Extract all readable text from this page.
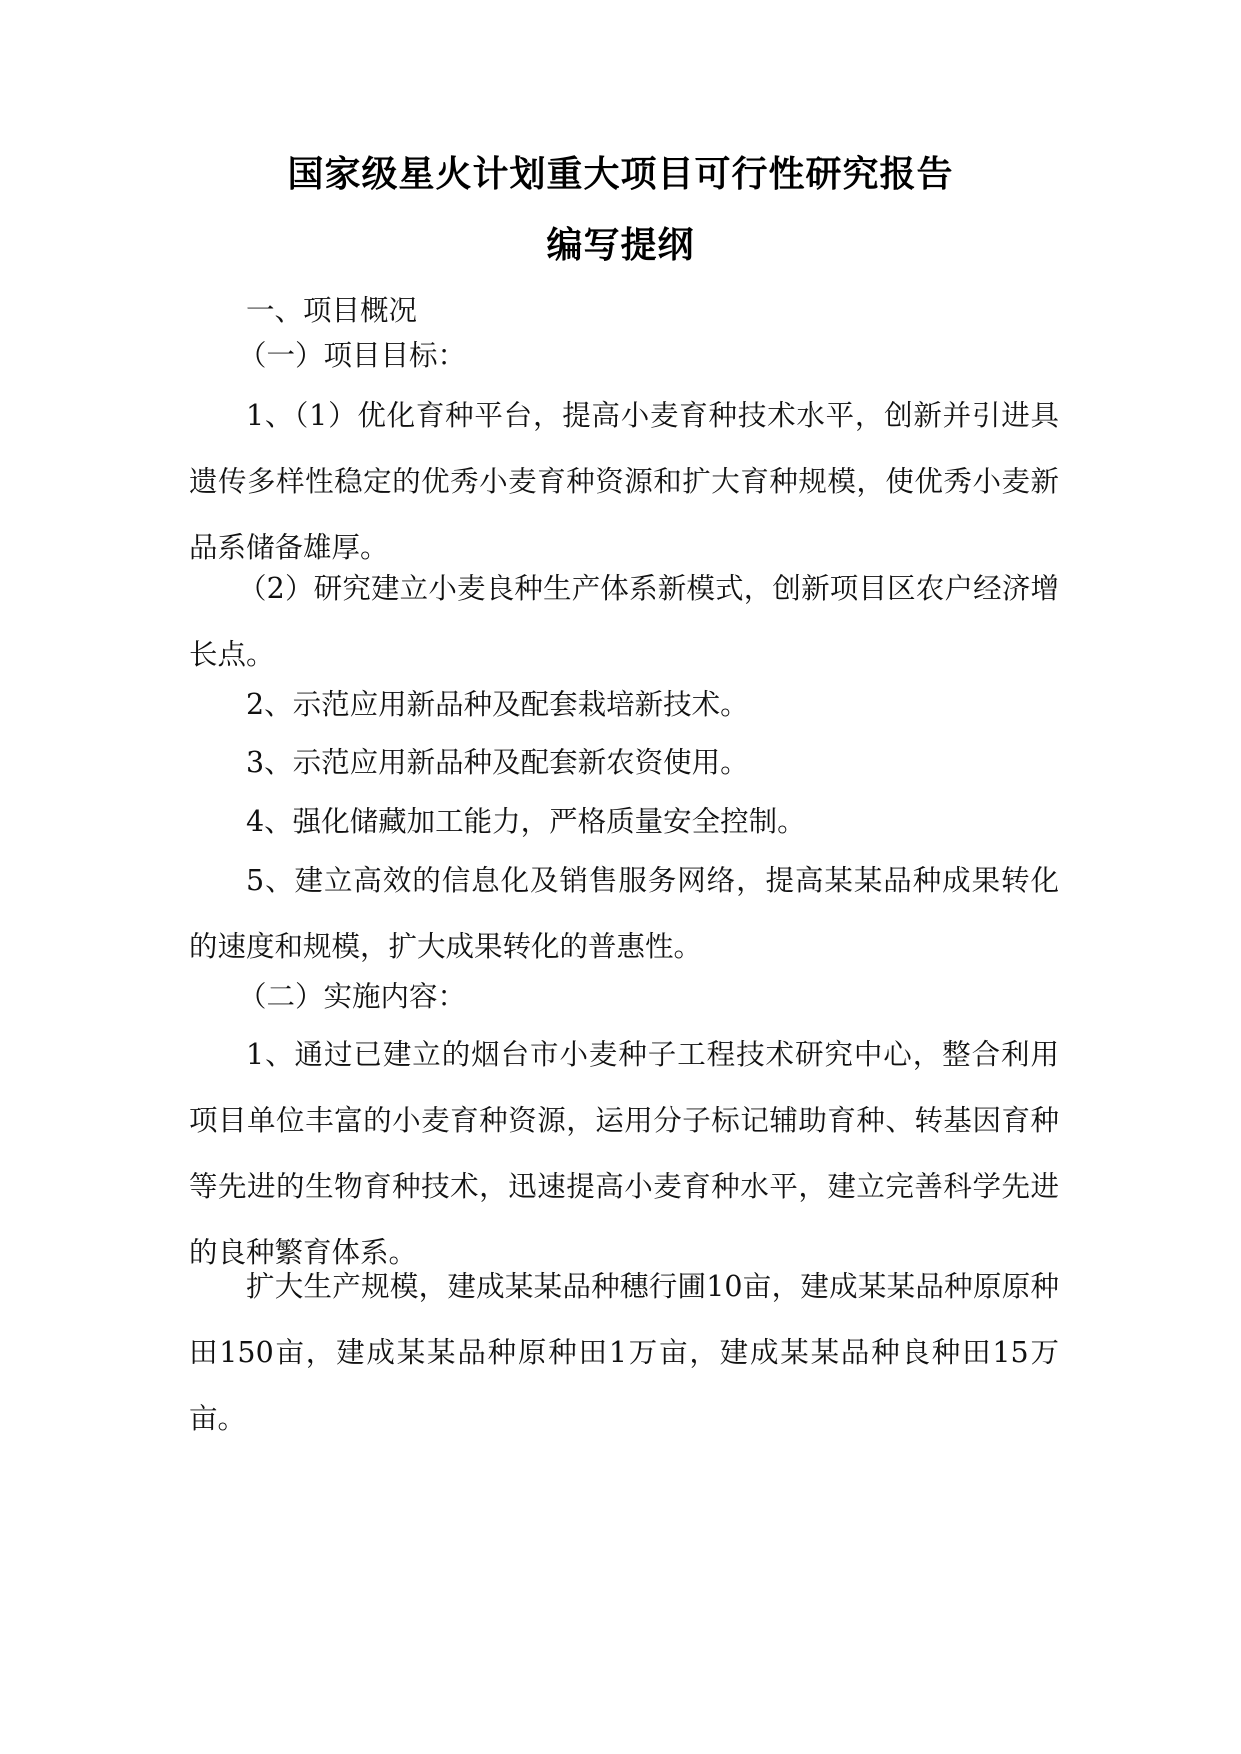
国家级星火计划重大项目可行性研究报告
编写提纲

一、项目概况

（一）项目目标：

1、（1）优化育种平台，提高小麦育种技术水平，创新并引进具遗传多样性稳定的优秀小麦育种资源和扩大育种规模，使优秀小麦新品系储备雄厚。

（2）研究建立小麦良种生产体系新模式，创新项目区农户经济增长点。

2、示范应用新品种及配套栽培新技术。

3、示范应用新品种及配套新农资使用。

4、强化储藏加工能力，严格质量安全控制。

5、建立高效的信息化及销售服务网络，提高某某品种成果转化的速度和规模，扩大成果转化的普惠性。

（二）实施内容：

1、通过已建立的烟台市小麦种子工程技术研究中心，整合利用项目单位丰富的小麦育种资源，运用分子标记辅助育种、转基因育种等先进的生物育种技术，迅速提高小麦育种水平，建立完善科学先进的良种繁育体系。

扩大生产规模，建成某某品种穗行圃10亩，建成某某品种原原种田150亩，建成某某品种原种田1万亩，建成某某品种良种田15万亩。
